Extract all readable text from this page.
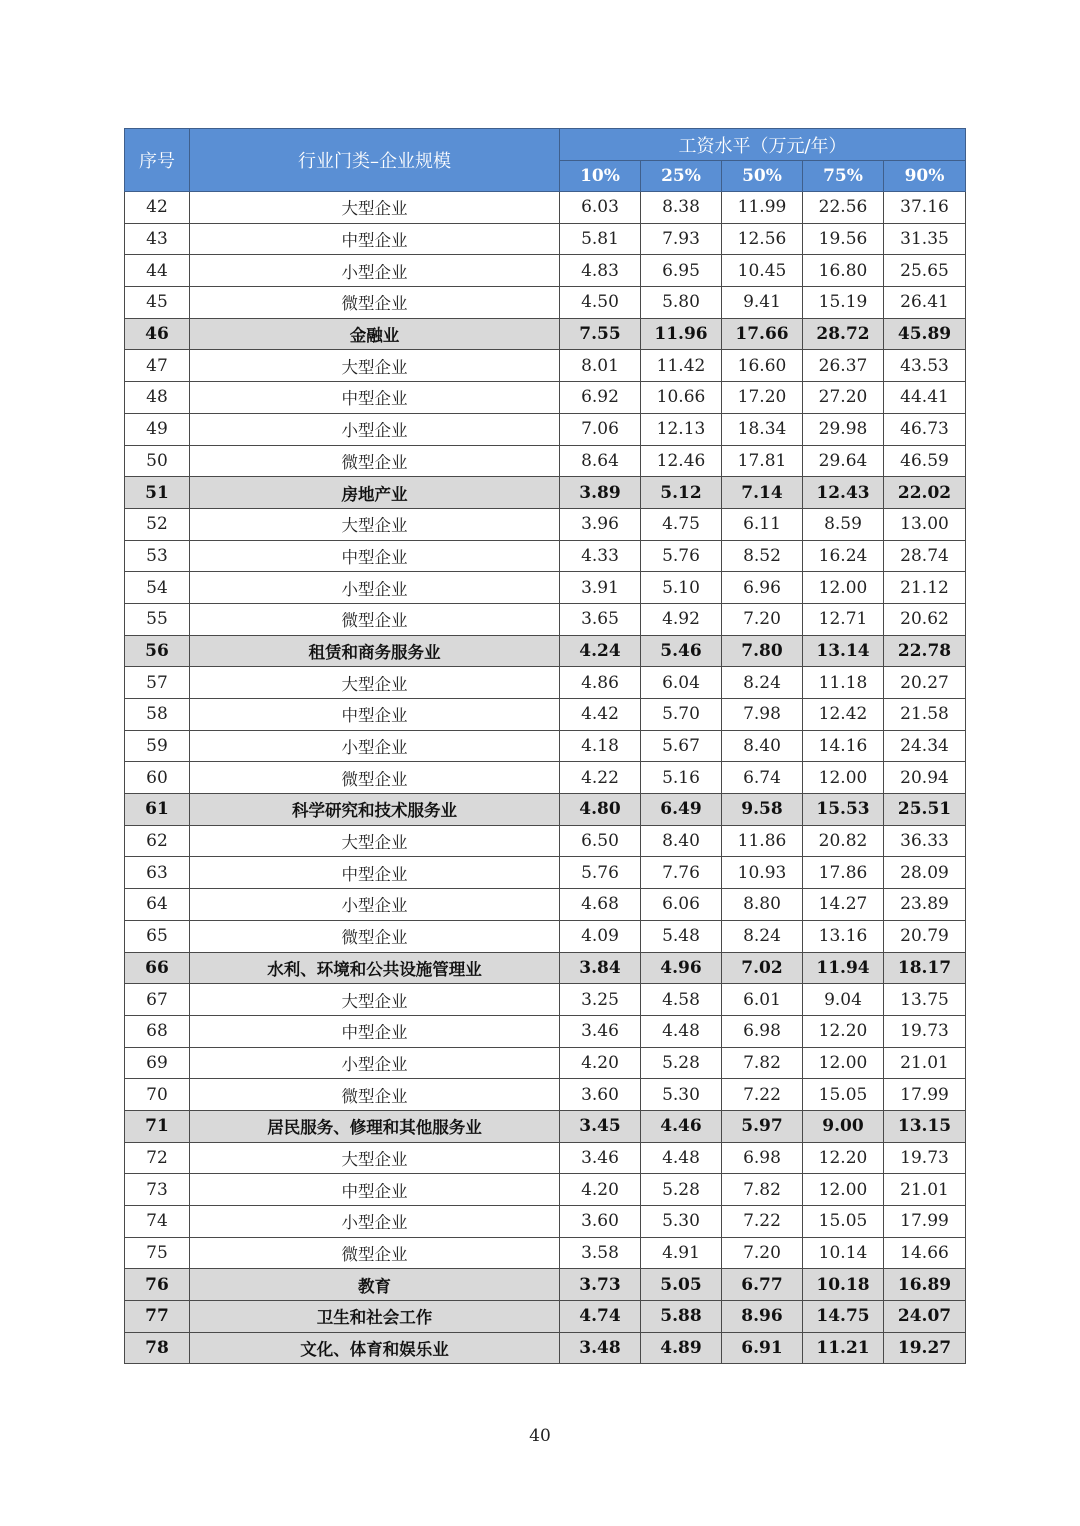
序号	行业门类–企业规模	工资水平（万元/年）				
		10%	25%	50%	75%	90%
42	大型企业	6.03	8.38	11.99	22.56	37.16
43	中型企业	5.81	7.93	12.56	19.56	31.35
44	小型企业	4.83	6.95	10.45	16.80	25.65
45	微型企业	4.50	5.80	9.41	15.19	26.41
46	金融业	7.55	11.96	17.66	28.72	45.89
47	大型企业	8.01	11.42	16.60	26.37	43.53
48	中型企业	6.92	10.66	17.20	27.20	44.41
49	小型企业	7.06	12.13	18.34	29.98	46.73
50	微型企业	8.64	12.46	17.81	29.64	46.59
51	房地产业	3.89	5.12	7.14	12.43	22.02
52	大型企业	3.96	4.75	6.11	8.59	13.00
53	中型企业	4.33	5.76	8.52	16.24	28.74
54	小型企业	3.91	5.10	6.96	12.00	21.12
55	微型企业	3.65	4.92	7.20	12.71	20.62
56	租赁和商务服务业	4.24	5.46	7.80	13.14	22.78
57	大型企业	4.86	6.04	8.24	11.18	20.27
58	中型企业	4.42	5.70	7.98	12.42	21.58
59	小型企业	4.18	5.67	8.40	14.16	24.34
60	微型企业	4.22	5.16	6.74	12.00	20.94
61	科学研究和技术服务业	4.80	6.49	9.58	15.53	25.51
62	大型企业	6.50	8.40	11.86	20.82	36.33
63	中型企业	5.76	7.76	10.93	17.86	28.09
64	小型企业	4.68	6.06	8.80	14.27	23.89
65	微型企业	4.09	5.48	8.24	13.16	20.79
66	水利、环境和公共设施管理业	3.84	4.96	7.02	11.94	18.17
67	大型企业	3.25	4.58	6.01	9.04	13.75
68	中型企业	3.46	4.48	6.98	12.20	19.73
69	小型企业	4.20	5.28	7.82	12.00	21.01
70	微型企业	3.60	5.30	7.22	15.05	17.99
71	居民服务、修理和其他服务业	3.45	4.46	5.97	9.00	13.15
72	大型企业	3.46	4.48	6.98	12.20	19.73
73	中型企业	4.20	5.28	7.82	12.00	21.01
74	小型企业	3.60	5.30	7.22	15.05	17.99
75	微型企业	3.58	4.91	7.20	10.14	14.66
76	教育	3.73	5.05	6.77	10.18	16.89
77	卫生和社会工作	4.74	5.88	8.96	14.75	24.07
78	文化、体育和娱乐业	3.48	4.89	6.91	11.21	19.27
40
